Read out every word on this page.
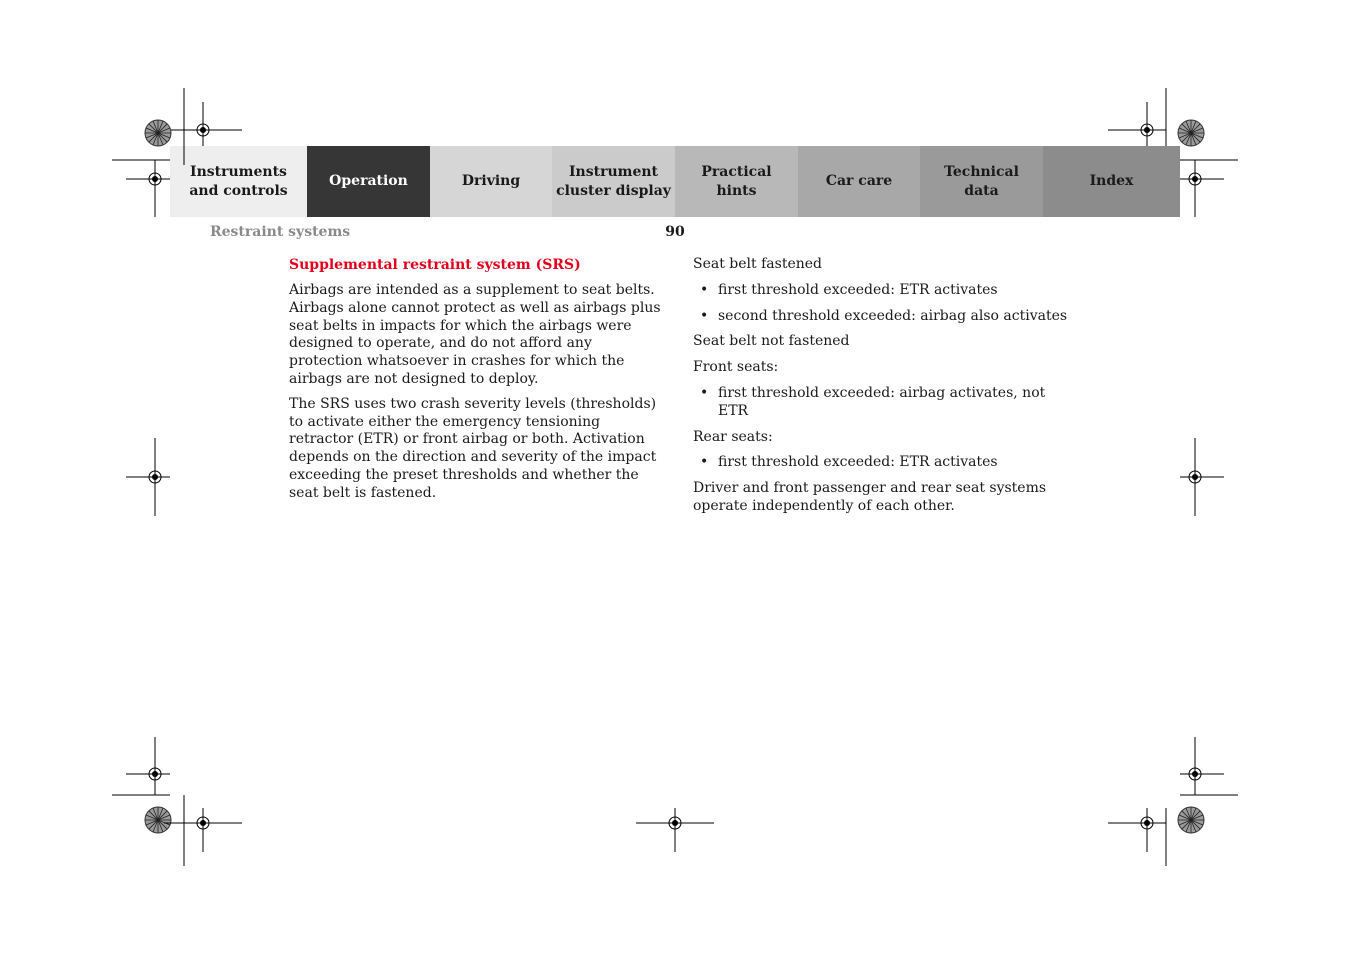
Instruments
and controls
Operation	Driving
Instrument
cluster display
Practical hints
Car care
Technical
data
Index
Restraint systems	90
Supplemental restraint system (SRS)

Airbags are intended as a supplement to seat belts. Airbags alone cannot protect as well as airbags plus seat belts in impacts for which the airbags were designed to operate, and do not afford any protection whatsoever in crashes for which the airbags are not designed to deploy.

The SRS uses two crash severity levels (thresholds) to activate either the emergency tensioning retractor (ETR) or front airbag or both. Activation depends on the direction and severity of the impact exceeding the preset thresholds and whether the seat belt is fastened.

Seat belt fastened

• first threshold exceeded: ETR activates
• second threshold exceeded: airbag also activates

Seat belt not fastened

Front seats:

• first threshold exceeded: airbag activates, not ETR

Rear seats:

• first threshold exceeded: ETR activates

Driver and front passenger and rear seat systems operate independently of each other.
